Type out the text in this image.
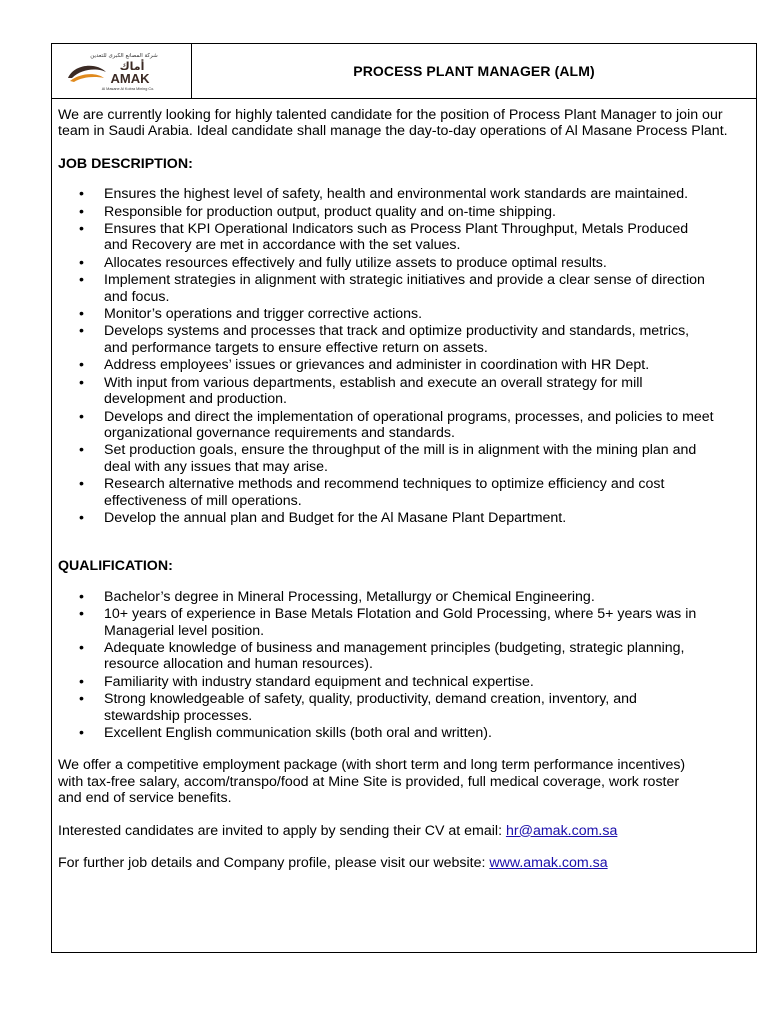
شركة المصانع الكبرى للتعدين
أماك
AMAK
Al Masane Al Kobra Mining Co.
PROCESS PLANT MANAGER (ALM)

We are currently looking for highly talented candidate for the position of Process Plant Manager to join our team in Saudi Arabia. Ideal candidate shall manage the day-to-day operations of Al Masane Process Plant.

JOB DESCRIPTION:

• Ensures the highest level of safety, health and environmental work standards are maintained.
• Responsible for production output, product quality and on-time shipping.
• Ensures that KPI Operational Indicators such as Process Plant Throughput, Metals Produced and Recovery are met in accordance with the set values.
• Allocates resources effectively and fully utilize assets to produce optimal results.
• Implement strategies in alignment with strategic initiatives and provide a clear sense of direction and focus.
• Monitor’s operations and trigger corrective actions.
• Develops systems and processes that track and optimize productivity and standards, metrics, and performance targets to ensure effective return on assets.
• Address employees’ issues or grievances and administer in coordination with HR Dept.
• With input from various departments, establish and execute an overall strategy for mill development and production.
• Develops and direct the implementation of operational programs, processes, and policies to meet organizational governance requirements and standards.
• Set production goals, ensure the throughput of the mill is in alignment with the mining plan and deal with any issues that may arise.
• Research alternative methods and recommend techniques to optimize efficiency and cost effectiveness of mill operations.
• Develop the annual plan and Budget for the Al Masane Plant Department.

QUALIFICATION:

• Bachelor’s degree in Mineral Processing, Metallurgy or Chemical Engineering.
• 10+ years of experience in Base Metals Flotation and Gold Processing, where 5+ years was in Managerial level position.
• Adequate knowledge of business and management principles (budgeting, strategic planning, resource allocation and human resources).
• Familiarity with industry standard equipment and technical expertise.
• Strong knowledgeable of safety, quality, productivity, demand creation, inventory, and stewardship processes.
• Excellent English communication skills (both oral and written).

We offer a competitive employment package (with short term and long term performance incentives) with tax-free salary, accom/transpo/food at Mine Site is provided, full medical coverage, work roster and end of service benefits.

Interested candidates are invited to apply by sending their CV at email: hr@amak.com.sa

For further job details and Company profile, please visit our website: www.amak.com.sa
